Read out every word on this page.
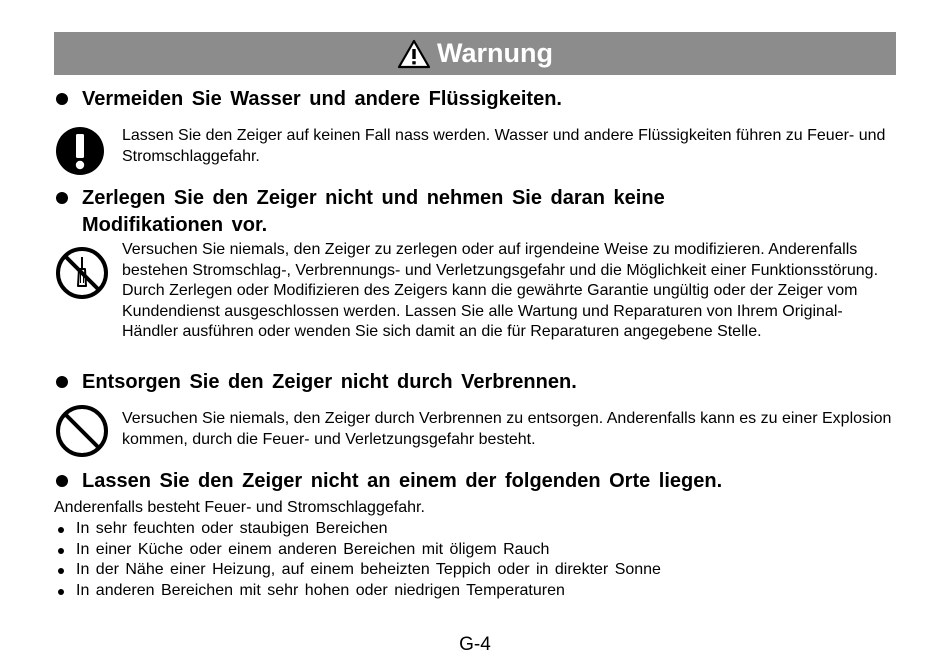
Warnung
Vermeiden Sie Wasser und andere Flüssigkeiten.
Lassen Sie den Zeiger auf keinen Fall nass werden. Wasser und andere Flüssigkeiten führen zu Feuer- und Stromschlaggefahr.
Zerlegen Sie den Zeiger nicht und nehmen Sie daran keine
Modifikationen vor.
Versuchen Sie niemals, den Zeiger zu zerlegen oder auf irgendeine Weise zu modifizieren. Anderenfalls bestehen Stromschlag-, Verbrennungs- und Verletzungsgefahr und die Möglichkeit einer Funktionsstörung. Durch Zerlegen oder Modifizieren des Zeigers kann die gewährte Garantie ungültig oder der Zeiger vom Kundendienst ausgeschlossen werden. Lassen Sie alle Wartung und Reparaturen von Ihrem Original-Händler ausführen oder wenden Sie sich damit an die für Reparaturen angegebene Stelle.
Entsorgen Sie den Zeiger nicht durch Verbrennen.
Versuchen Sie niemals, den Zeiger durch Verbrennen zu entsorgen. Anderenfalls kann es zu einer Explosion kommen, durch die Feuer- und Verletzungsgefahr besteht.
Lassen Sie den Zeiger nicht an einem der folgenden Orte liegen.
Anderenfalls besteht Feuer- und Stromschlaggefahr.
In sehr feuchten oder staubigen Bereichen
In einer Küche oder einem anderen Bereichen mit öligem Rauch
In der Nähe einer Heizung, auf einem beheizten Teppich oder in direkter Sonne
In anderen Bereichen mit sehr hohen oder niedrigen Temperaturen
G-4
